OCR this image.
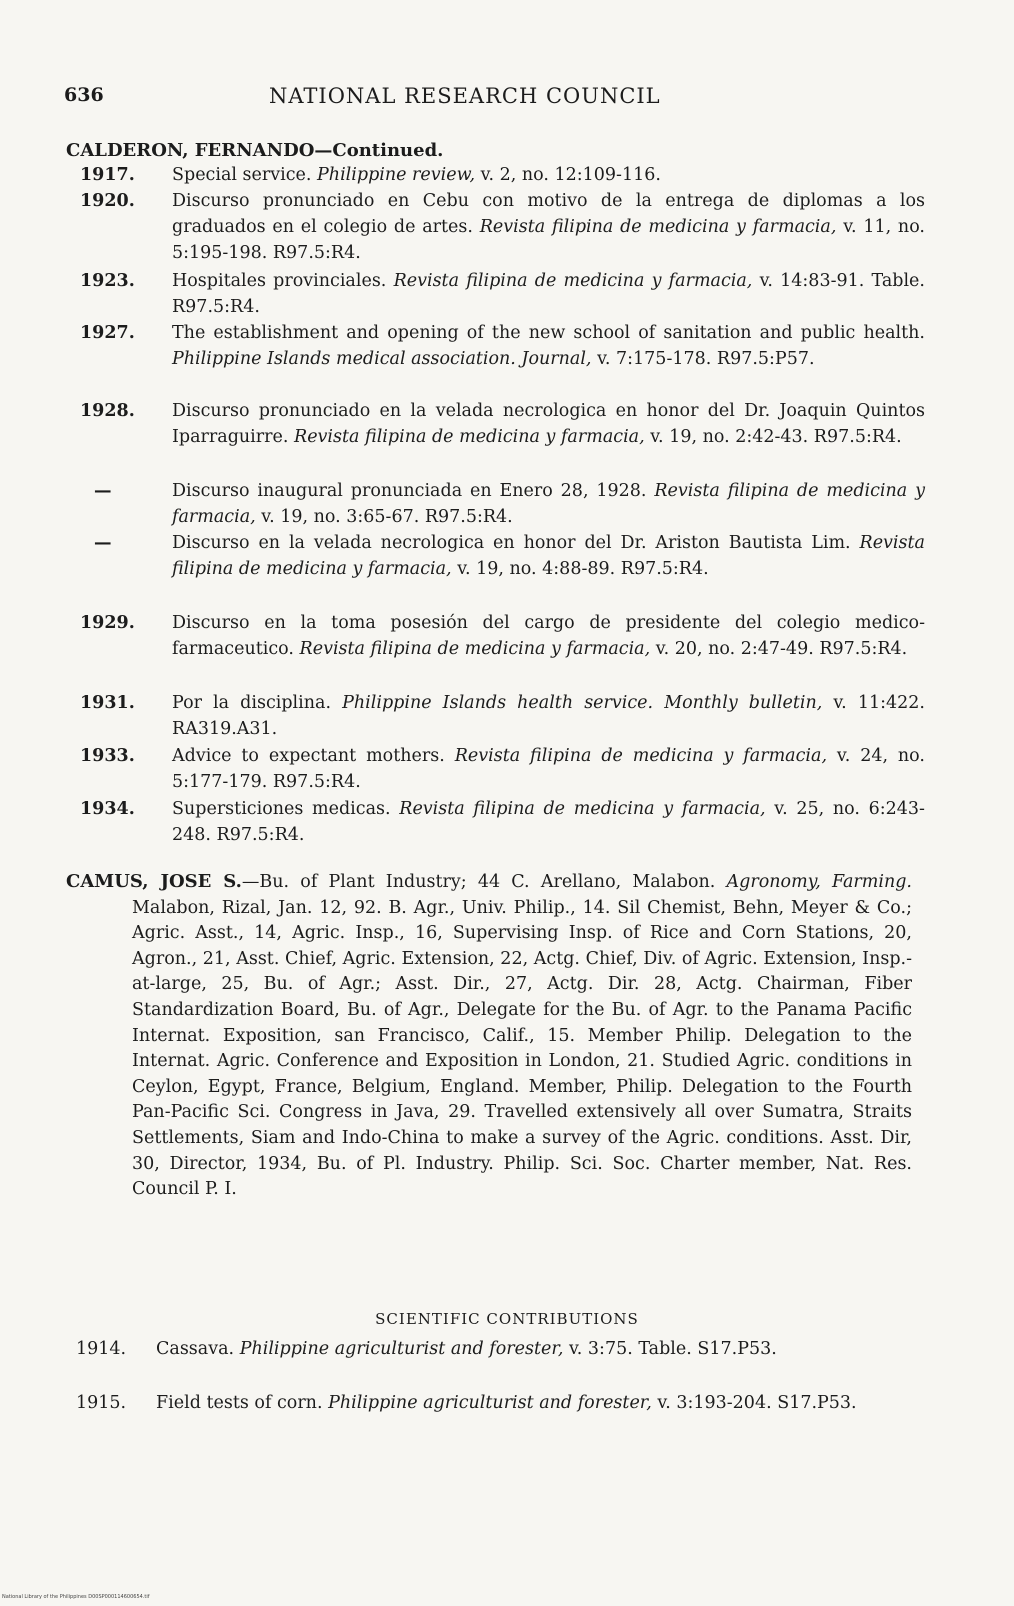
636	NATIONAL RESEARCH COUNCIL
CALDERON, FERNANDO—Continued.
1917.	Special service. Philippine review, v. 2, no. 12:109-116.
1920.	Discurso pronunciado en Cebu con motivo de la entrega de diplomas a los graduados en el colegio de artes. Revista filipina de medicina y farmacia, v. 11, no. 5:195-198. R97.5:R4.
1923.	Hospitales provinciales. Revista filipina de medicina y farmacia, v. 14:83-91. Table. R97.5:R4.
1927.	The establishment and opening of the new school of sanitation and public health. Philippine Islands medical association. Journal, v. 7:175-178. R97.5:P57.
1928.	Discurso pronunciado en la velada necrologica en honor del Dr. Joaquin Quintos Iparraguirre. Revista filipina de medicina y farmacia, v. 19, no. 2:42-43. R97.5:R4.
—	Discurso inaugural pronunciada en Enero 28, 1928. Revista filipina de medicina y farmacia, v. 19, no. 3:65-67. R97.5:R4.
—	Discurso en la velada necrologica en honor del Dr. Ariston Bautista Lim. Revista filipina de medicina y farmacia, v. 19, no. 4:88-89. R97.5:R4.
1929.	Discurso en la toma posesión del cargo de presidente del colegio medico-farmaceutico. Revista filipina de medicina y farmacia, v. 20, no. 2:47-49. R97.5:R4.
1931.	Por la disciplina. Philippine Islands health service. Monthly bulletin, v. 11:422. RA319.A31.
1933.	Advice to expectant mothers. Revista filipina de medicina y farmacia, v. 24, no. 5:177-179. R97.5:R4.
1934.	Supersticiones medicas. Revista filipina de medicina y farmacia, v. 25, no. 6:243-248. R97.5:R4.
CAMUS, JOSE S.—Bu. of Plant Industry; 44 C. Arellano, Malabon. Agronomy, Farming. Malabon, Rizal, Jan. 12, 92. B. Agr., Univ. Philip., 14. Sil Chemist, Behn, Meyer & Co.; Agric. Asst., 14, Agric. Insp., 16, Supervising Insp. of Rice and Corn Stations, 20, Agron., 21, Asst. Chief, Agric. Extension, 22, Actg. Chief, Div. of Agric. Extension, Insp.-at-large, 25, Bu. of Agr.; Asst. Dir., 27, Actg. Dir. 28, Actg. Chairman, Fiber Standardization Board, Bu. of Agr., Delegate for the Bu. of Agr. to the Panama Pacific Internat. Exposition, san Francisco, Calif., 15. Member Philip. Delegation to the Internat. Agric. Conference and Exposition in London, 21. Studied Agric. conditions in Ceylon, Egypt, France, Belgium, England. Member, Philip. Delegation to the Fourth Pan-Pacific Sci. Congress in Java, 29. Travelled extensively all over Sumatra, Straits Settlements, Siam and Indo-China to make a survey of the Agric. conditions. Asst. Dir, 30, Director, 1934, Bu. of Pl. Industry. Philip. Sci. Soc. Charter member, Nat. Res. Council P. I.
SCIENTIFIC CONTRIBUTIONS
1914.	Cassava. Philippine agriculturist and forester, v. 3:75. Table. S17.P53.
1915.	Field tests of corn. Philippine agriculturist and forester, v. 3:193-204. S17.P53.
National Library of the Philippines D00SP000114600654.tif
